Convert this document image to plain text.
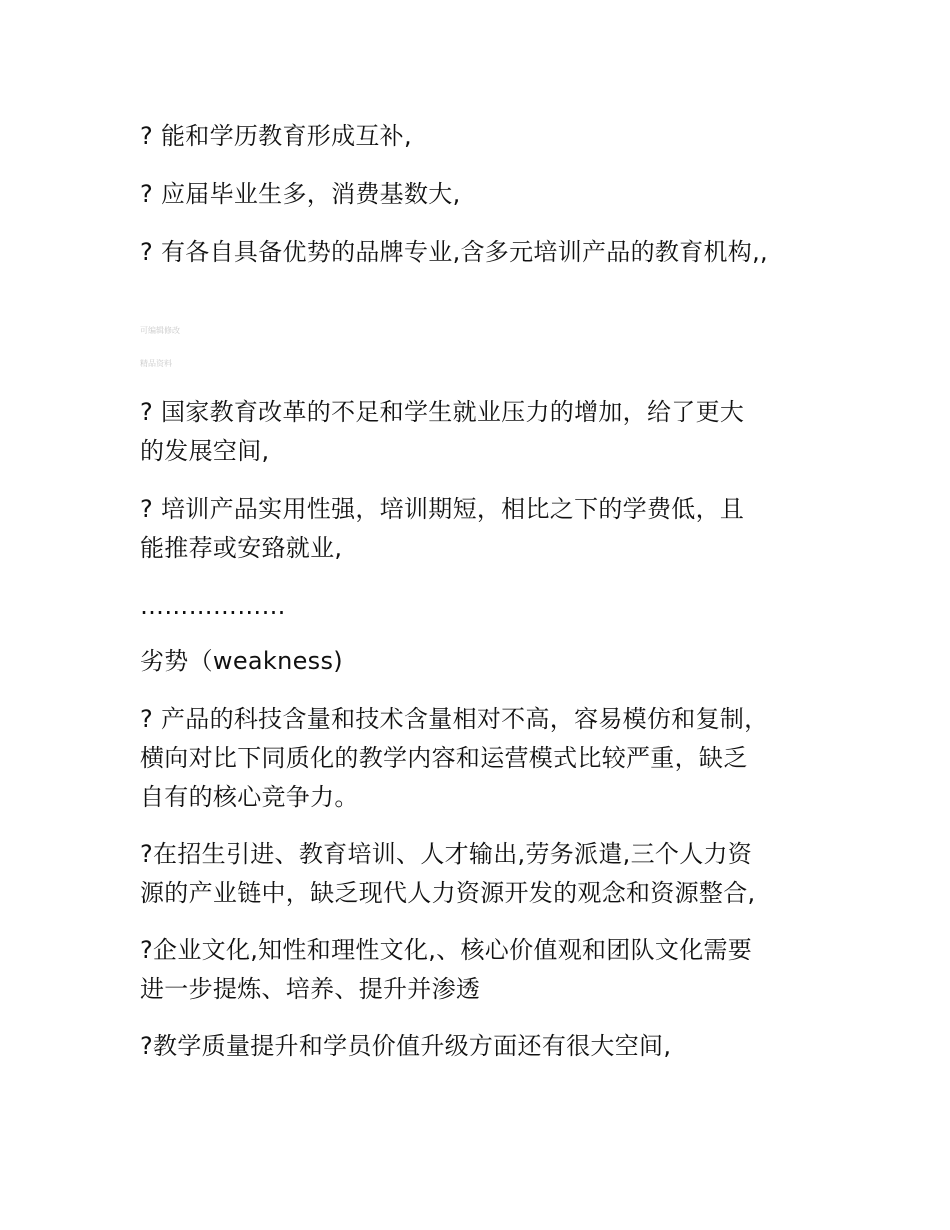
? 能和学历教育形成互补,
? 应届毕业生多，消费基数大,
? 有各自具备优势的品牌专业,含多元培训产品的教育机构,,
可编辑修改
精品资料
? 国家教育改革的不足和学生就业压力的增加，给了更大
的发展空间,
? 培训产品实用性强，培训期短，相比之下的学费低，且
能推荐或安臵就业,
………………
劣势（weakness)
? 产品的科技含量和技术含量相对不高，容易模仿和复制，
横向对比下同质化的教学内容和运营模式比较严重，缺乏
自有的核心竞争力。
?在招生引进、教育培训、人才输出,劳务派遣,三个人力资
源的产业链中，缺乏现代人力资源开发的观念和资源整合,
?企业文化,知性和理性文化,、核心价值观和团队文化需要
进一步提炼、培养、提升并渗透
?教学质量提升和学员价值升级方面还有很大空间,
